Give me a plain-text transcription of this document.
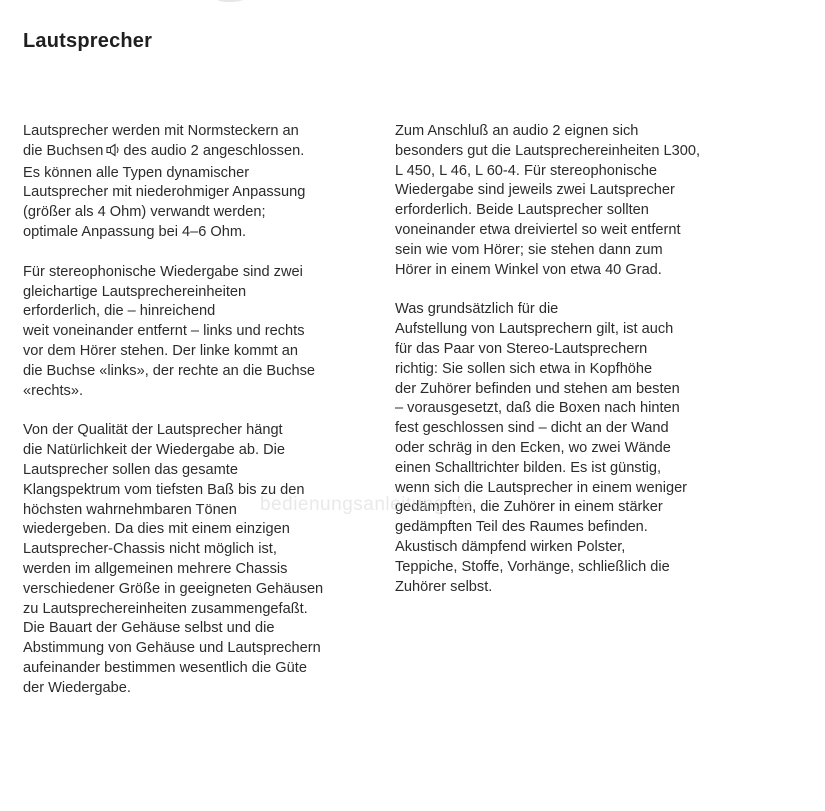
Lautsprecher

Lautsprecher werden mit Normsteckern an
die Buchsen des audio 2 angeschlossen.
Es können alle Typen dynamischer
Lautsprecher mit niederohmiger Anpassung
(größer als 4 Ohm) verwandt werden;
optimale Anpassung bei 4–6 Ohm.

Für stereophonische Wiedergabe sind zwei
gleichartige Lautsprechereinheiten
erforderlich, die – hinreichend
weit voneinander entfernt – links und rechts
vor dem Hörer stehen. Der linke kommt an
die Buchse «links», der rechte an die Buchse
«rechts».

Von der Qualität der Lautsprecher hängt
die Natürlichkeit der Wiedergabe ab. Die
Lautsprecher sollen das gesamte
Klangspektrum vom tiefsten Baß bis zu den
höchsten wahrnehmbaren Tönen
wiedergeben. Da dies mit einem einzigen
Lautsprecher-Chassis nicht möglich ist,
werden im allgemeinen mehrere Chassis
verschiedener Größe in geeigneten Gehäusen
zu Lautsprechereinheiten zusammengefaßt.
Die Bauart der Gehäuse selbst und die
Abstimmung von Gehäuse und Lautsprechern
aufeinander bestimmen wesentlich die Güte
der Wiedergabe.

Zum Anschluß an audio 2 eignen sich
besonders gut die Lautsprechereinheiten L300,
L 450, L 46, L 60-4. Für stereophonische
Wiedergabe sind jeweils zwei Lautsprecher
erforderlich. Beide Lautsprecher sollten
voneinander etwa dreiviertel so weit entfernt
sein wie vom Hörer; sie stehen dann zum
Hörer in einem Winkel von etwa 40 Grad.

Was grundsätzlich für die
Aufstellung von Lautsprechern gilt, ist auch
für das Paar von Stereo-Lautsprechern
richtig: Sie sollen sich etwa in Kopfhöhe
der Zuhörer befinden und stehen am besten
– vorausgesetzt, daß die Boxen nach hinten
fest geschlossen sind – dicht an der Wand
oder schräg in den Ecken, wo zwei Wände
einen Schalltrichter bilden. Es ist günstig,
wenn sich die Lautsprecher in einem weniger
gedämpften, die Zuhörer in einem stärker
gedämpften Teil des Raumes befinden.
Akustisch dämpfend wirken Polster,
Teppiche, Stoffe, Vorhänge, schließlich die
Zuhörer selbst.

bedienungsanleitung.de
